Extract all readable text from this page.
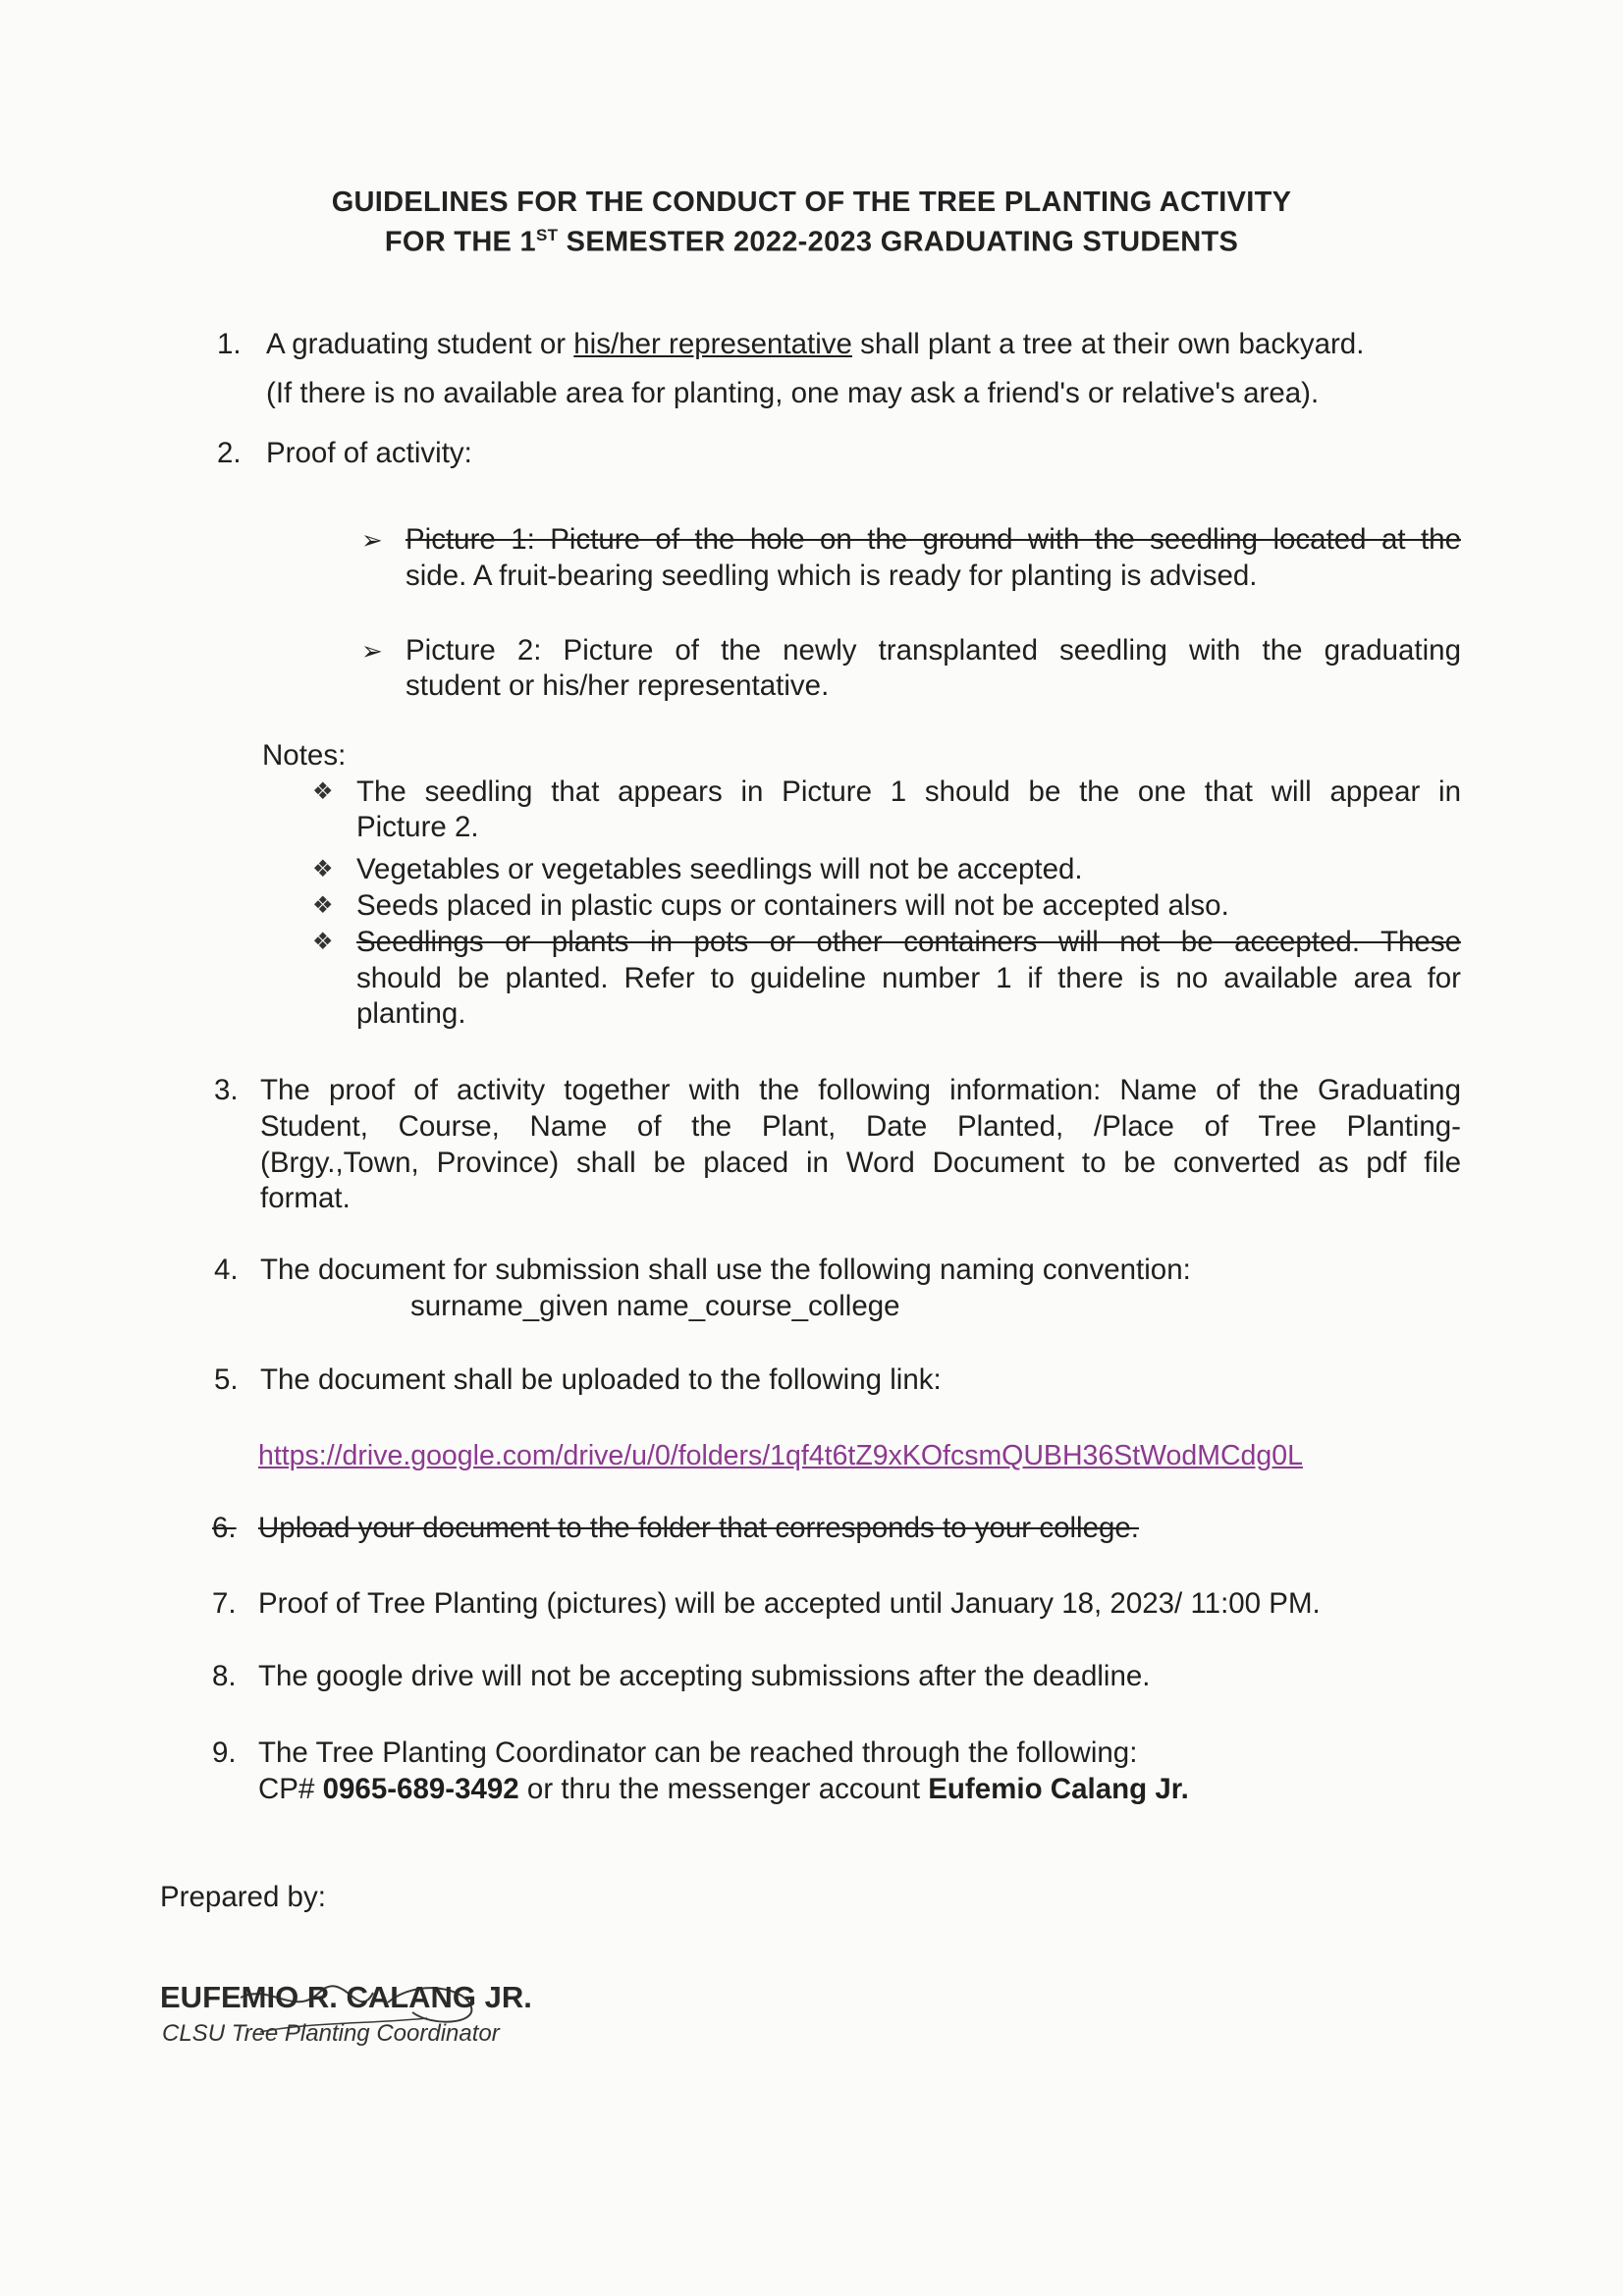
GUIDELINES FOR THE CONDUCT OF THE TREE PLANTING ACTIVITY
FOR THE 1ST SEMESTER 2022-2023 GRADUATING STUDENTS
1. A graduating student or his/her representative shall plant a tree at their own backyard.
(If there is no available area for planting, one may ask a friend's or relative's area).
2. Proof of activity:
➢ Picture 1: Picture of the hole on the ground with the seedling located at the
side. A fruit-bearing seedling which is ready for planting is advised.
➢ Picture 2: Picture of the newly transplanted seedling with the graduating
student or his/her representative.
Notes:
❖ The seedling that appears in Picture 1 should be the one that will appear in
Picture 2.
❖ Vegetables or vegetables seedlings will not be accepted.
❖ Seeds placed in plastic cups or containers will not be accepted also.
❖ Seedlings or plants in pots or other containers will not be accepted. These
should be planted. Refer to guideline number 1 if there is no available area for
planting.
3. The proof of activity together with the following information: Name of the Graduating
Student, Course, Name of the Plant, Date Planted, /Place of Tree Planting-
(Brgy.,Town, Province) shall be placed in Word Document to be converted as pdf file
format.
4. The document for submission shall use the following naming convention:
surname_given name_course_college
5. The document shall be uploaded to the following link:
https://drive.google.com/drive/u/0/folders/1qf4t6tZ9xKOfcsmQUBH36StWodMCdg0L
6. Upload your document to the folder that corresponds to your college.
7. Proof of Tree Planting (pictures) will be accepted until January 18, 2023/ 11:00 PM.
8. The google drive will not be accepting submissions after the deadline.
9. The Tree Planting Coordinator can be reached through the following:
CP# 0965-689-3492 or thru the messenger account Eufemio Calang Jr.
Prepared by:
EUFEMIO R. CALANG JR.
CLSU Tree Planting Coordinator
